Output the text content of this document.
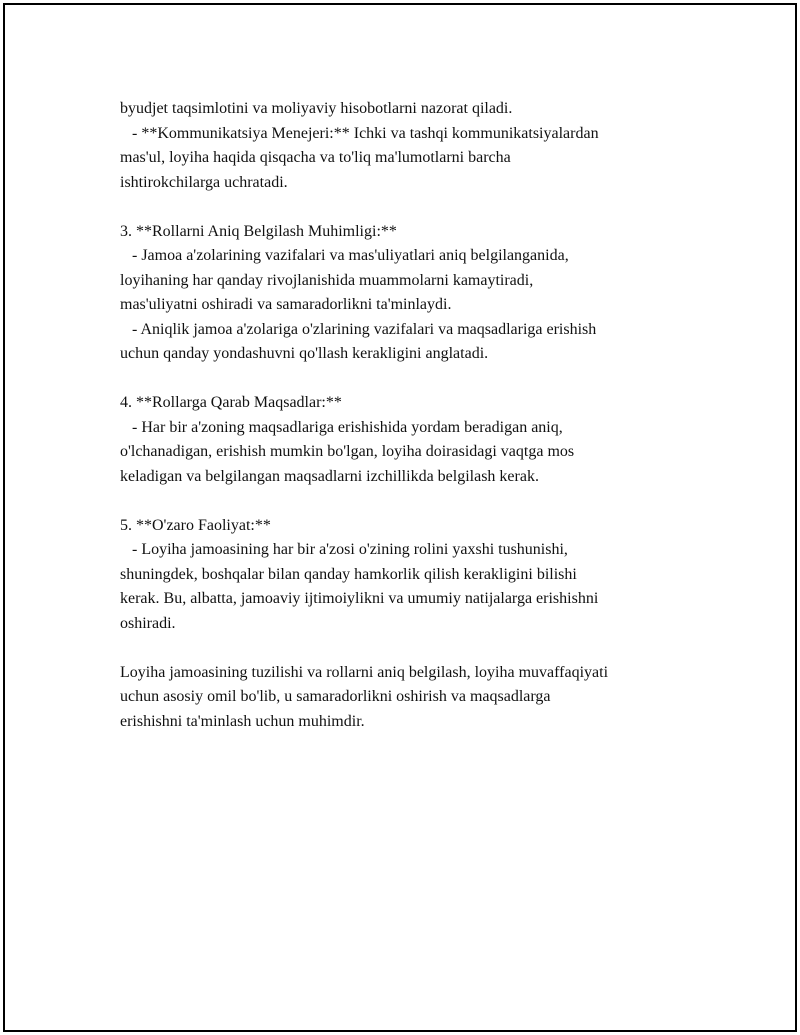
byudjet taqsimlotini va moliyaviy hisobotlarni nazorat qiladi.
- **Kommunikatsiya Menejeri:** Ichki va tashqi kommunikatsiyalardan
mas'ul, loyiha haqida qisqacha va to'liq ma'lumotlarni barcha
ishtirokchilarga uchratadi.
3. **Rollarni Aniq Belgilash Muhimligi:**
- Jamoa a'zolarining vazifalari va mas'uliyatlari aniq belgilanganida,
loyihaning har qanday rivojlanishida muammolarni kamaytiradi,
mas'uliyatni oshiradi va samaradorlikni ta'minlaydi.
- Aniqlik jamoa a'zolariga o'zlarining vazifalari va maqsadlariga erishish
uchun qanday yondashuvni qo'llash kerakligini anglatadi.
4. **Rollarga Qarab Maqsadlar:**
- Har bir a'zoning maqsadlariga erishishida yordam beradigan aniq,
o'lchanadigan, erishish mumkin bo'lgan, loyiha doirasidagi vaqtga mos
keladigan va belgilangan maqsadlarni izchillikda belgilash kerak.
5. **O'zaro Faoliyat:**
- Loyiha jamoasining har bir a'zosi o'zining rolini yaxshi tushunishi,
shuningdek, boshqalar bilan qanday hamkorlik qilish kerakligini bilishi
kerak. Bu, albatta, jamoaviy ijtimoiylikni va umumiy natijalarga erishishni
oshiradi.
Loyiha jamoasining tuzilishi va rollarni aniq belgilash, loyiha muvaffaqiyati
uchun asosiy omil bo'lib, u samaradorlikni oshirish va maqsadlarga
erishishni ta'minlash uchun muhimdir.
